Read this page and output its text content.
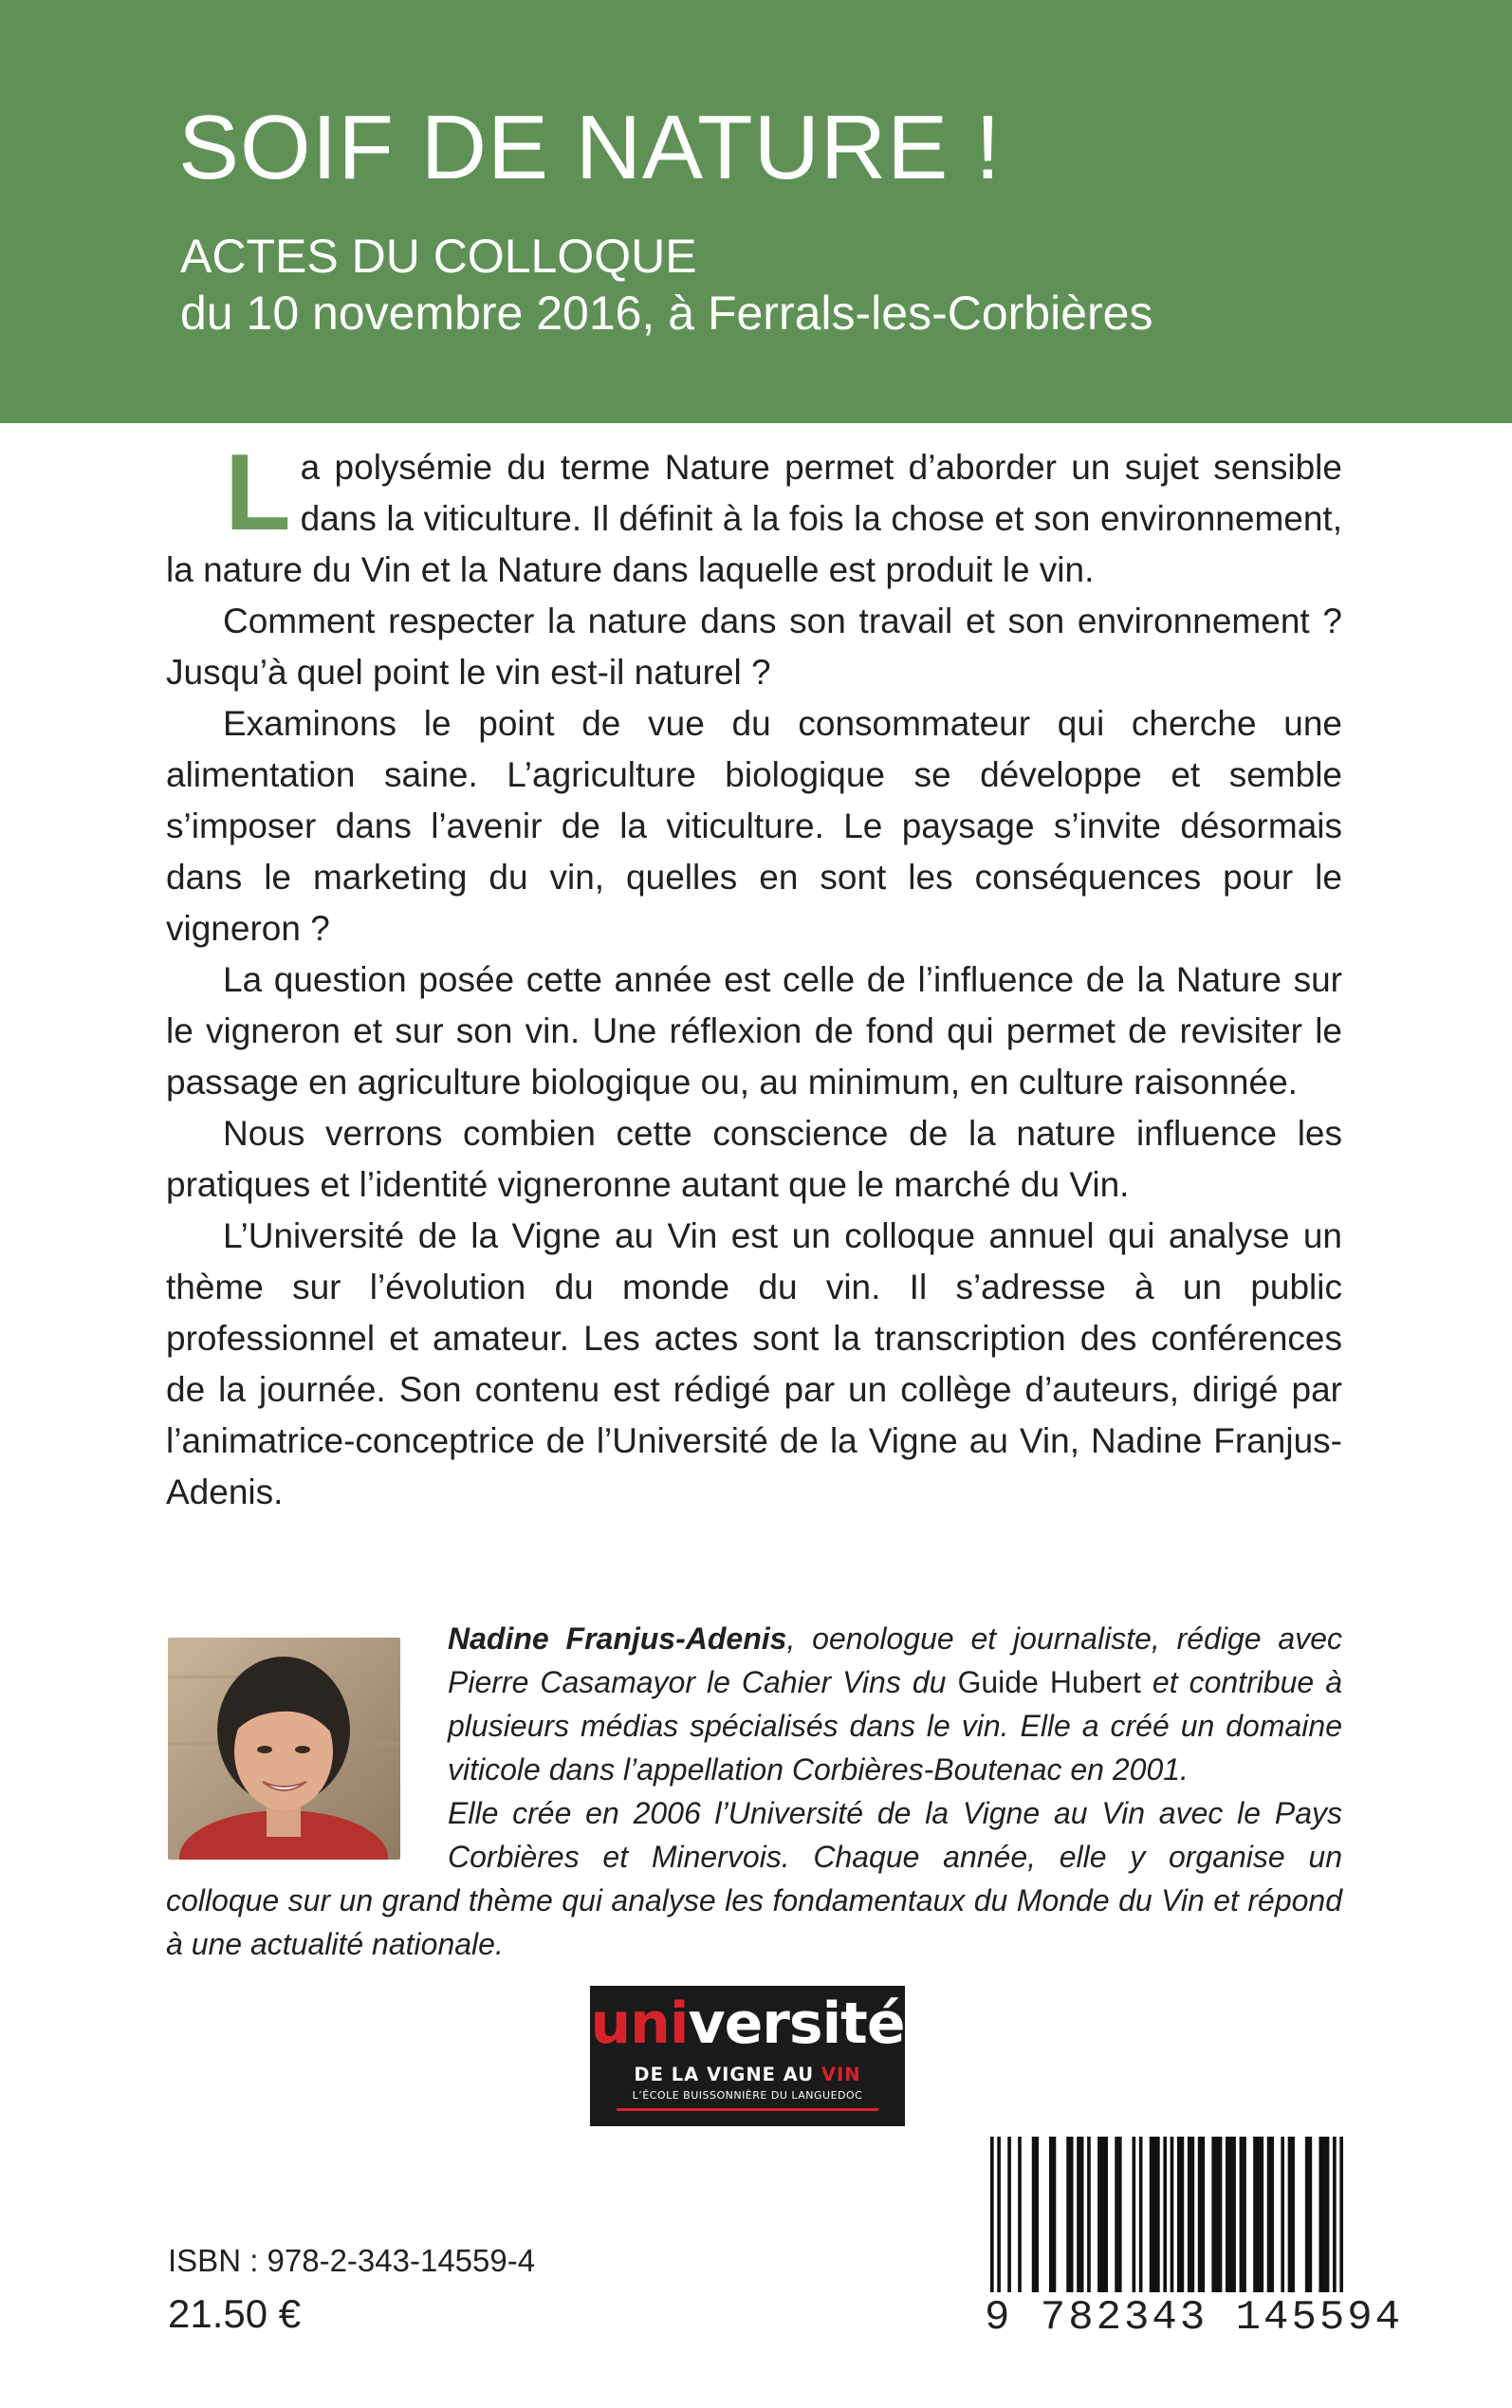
SOIF DE NATURE !
ACTES DU COLLOQUE
du 10 novembre 2016, à Ferrals-les-Corbières

La polysémie du terme Nature permet d’aborder un sujet sensible dans la viticulture. Il définit à la fois la chose et son environnement, la nature du Vin et la Nature dans laquelle est produit le vin.

Comment respecter la nature dans son travail et son environnement ? Jusqu’à quel point le vin est-il naturel ?

Examinons le point de vue du consommateur qui cherche une alimentation saine. L’agriculture biologique se développe et semble s’imposer dans l’avenir de la viticulture. Le paysage s’invite désormais dans le marketing du vin, quelles en sont les conséquences pour le vigneron ?

La question posée cette année est celle de l’influence de la Nature sur le vigneron et sur son vin. Une réflexion de fond qui permet de revisiter le passage en agriculture biologique ou, au minimum, en culture raisonnée.

Nous verrons combien cette conscience de la nature influence les pratiques et l’identité vigneronne autant que le marché du Vin.

L’Université de la Vigne au Vin est un colloque annuel qui analyse un thème sur l’évolution du monde du vin. Il s’adresse à un public professionnel et amateur. Les actes sont la transcription des conférences de la journée. Son contenu est rédigé par un collège d’auteurs, dirigé par l’animatrice-conceptrice de l’Université de la Vigne au Vin, Nadine Franjus-Adenis.

Nadine Franjus-Adenis, oenologue et journaliste, rédige avec Pierre Casamayor le Cahier Vins du Guide Hubert et contribue à plusieurs médias spécialisés dans le vin. Elle a créé un domaine viticole dans l’appellation Corbières-Boutenac en 2001.

Elle crée en 2006 l’Université de la Vigne au Vin avec le Pays Corbières et Minervois. Chaque année, elle y organise un colloque sur un grand thème qui analyse les fondamentaux du Monde du Vin et répond à une actualité nationale.

université
DE LA VIGNE AU VIN
L’ÉCOLE BUISSONNIÈRE DU LANGUEDOC
ISBN : 978-2-343-14559-4
21.50 €	9 782343 145594
